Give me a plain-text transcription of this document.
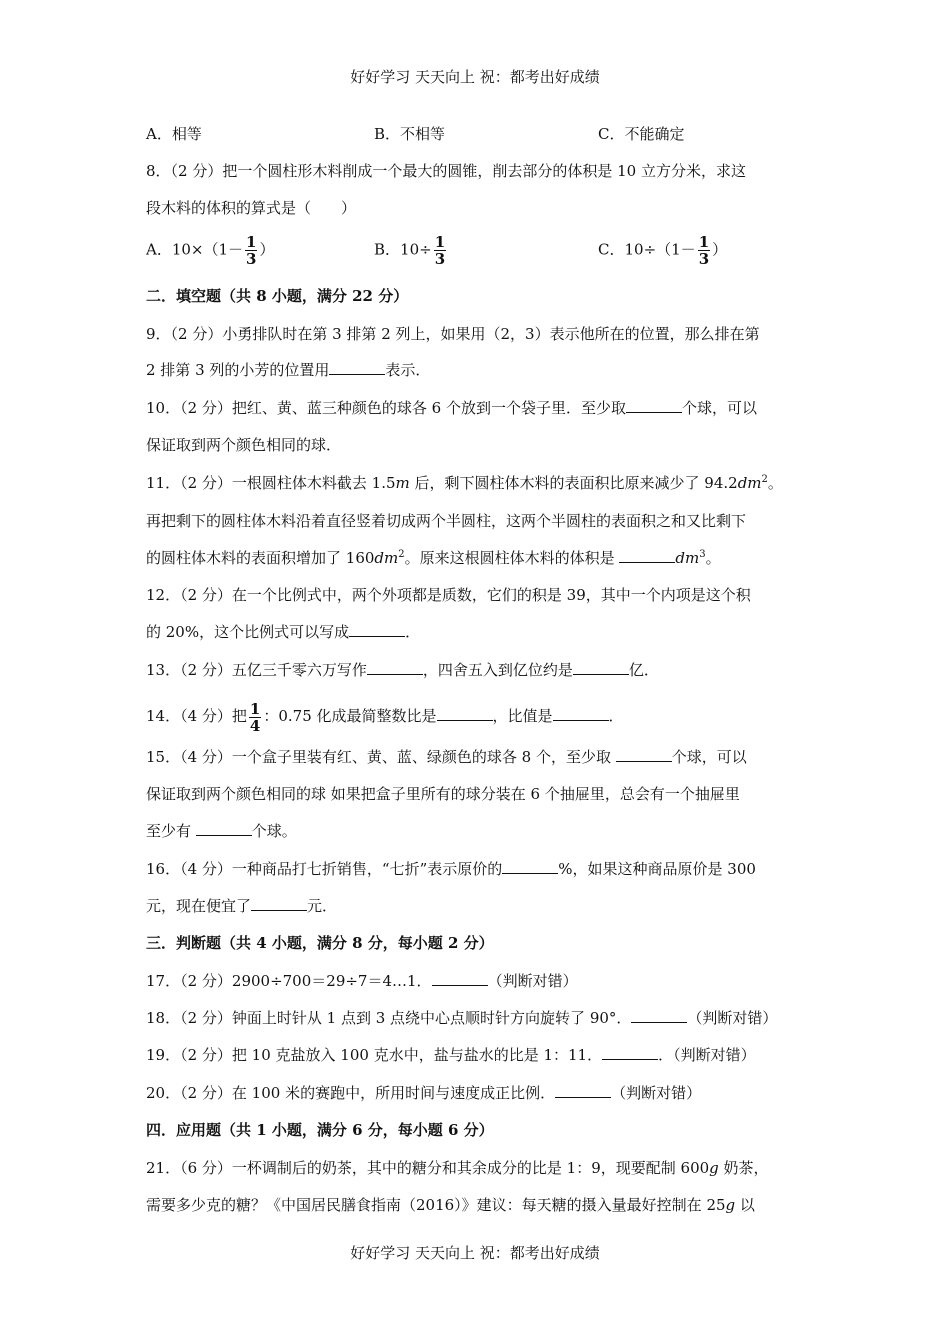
好好学习 天天向上 祝：都考出好成绩
A．相等	B．不相等	C．不能确定
8．（2 分）把一个圆柱形木料削成一个最大的圆锥，削去部分的体积是 10 立方分米，求这
段木料的体积的算式是（　　）
A．$10\times(1- \frac{1}{3}$ ）	B．$10\div \frac{1}{3}$	C．$10\div(1- \frac{1}{3}$ ）
二．填空题（共 8 小题，满分 22 分）
9．（2 分）小勇排队时在第 3 排第 2 列上，如果用（2，3）表示他所在的位置，那么排在第
2 排第 3 列的小芳的位置用	表示．
10．（2 分）把红、黄、蓝三种颜色的球各 6 个放到一个袋子里．至少取	个球，可以
保证取到两个颜色相同的球．
11．（2 分）一根圆柱体木料截去 1.5m 后，剩下圆柱体木料的表面积比原来减少了 $94.2dm^2$。
再把剩下的圆柱体木料沿着直径竖着切成两个半圆柱，这两个半圆柱的表面积之和又比剩下
的圆柱体木料的表面积增加了 $160dm^2$。原来这根圆柱体木料的体积是	$dm^3$。
12．（2 分）在一个比例式中，两个外项都是质数，它们的积是 39，其中一个内项是这个积
的 20%，这个比例式可以写成	．
13．（2 分）五亿三千零六万写作	，四舍五入到亿位约是	亿．
14．（4 分）把 $\frac{1}{4}$ ：0.75 化成最简整数比是	，比值是	．
15．（4 分）一个盒子里装有红、黄、蓝、绿颜色的球各 8 个，至少取	个球，可以
保证取到两个颜色相同的球 如果把盒子里所有的球分装在 6 个抽屉里，总会有一个抽屉里
至少有	个球。
16．（4 分）一种商品打七折销售，“七折”表示原价的	%，如果这种商品原价是 300
元，现在便宜了	元．
三．判断题（共 4 小题，满分 8 分，每小题 2 分）
17．（2 分）2900÷700＝29÷7＝4…1．	（判断对错）
18．（2 分）钟面上时针从 1 点到 3 点绕中心点顺时针方向旋转了 90°．	（判断对错）
19．（2 分）把 10 克盐放入 100 克水中，盐与盐水的比是 1：11．	．（判断对错）
20．（2 分）在 100 米的赛跑中，所用时间与速度成正比例．	（判断对错）
四．应用题（共 1 小题，满分 6 分，每小题 6 分）
21．（6 分）一杯调制后的奶茶，其中的糖分和其余成分的比是 1：9，现要配制 600g 奶茶，
需要多少克的糖？《中国居民膳食指南（2016）》建议：每天糖的摄入量最好控制在 25g 以
好好学习 天天向上 祝：都考出好成绩
